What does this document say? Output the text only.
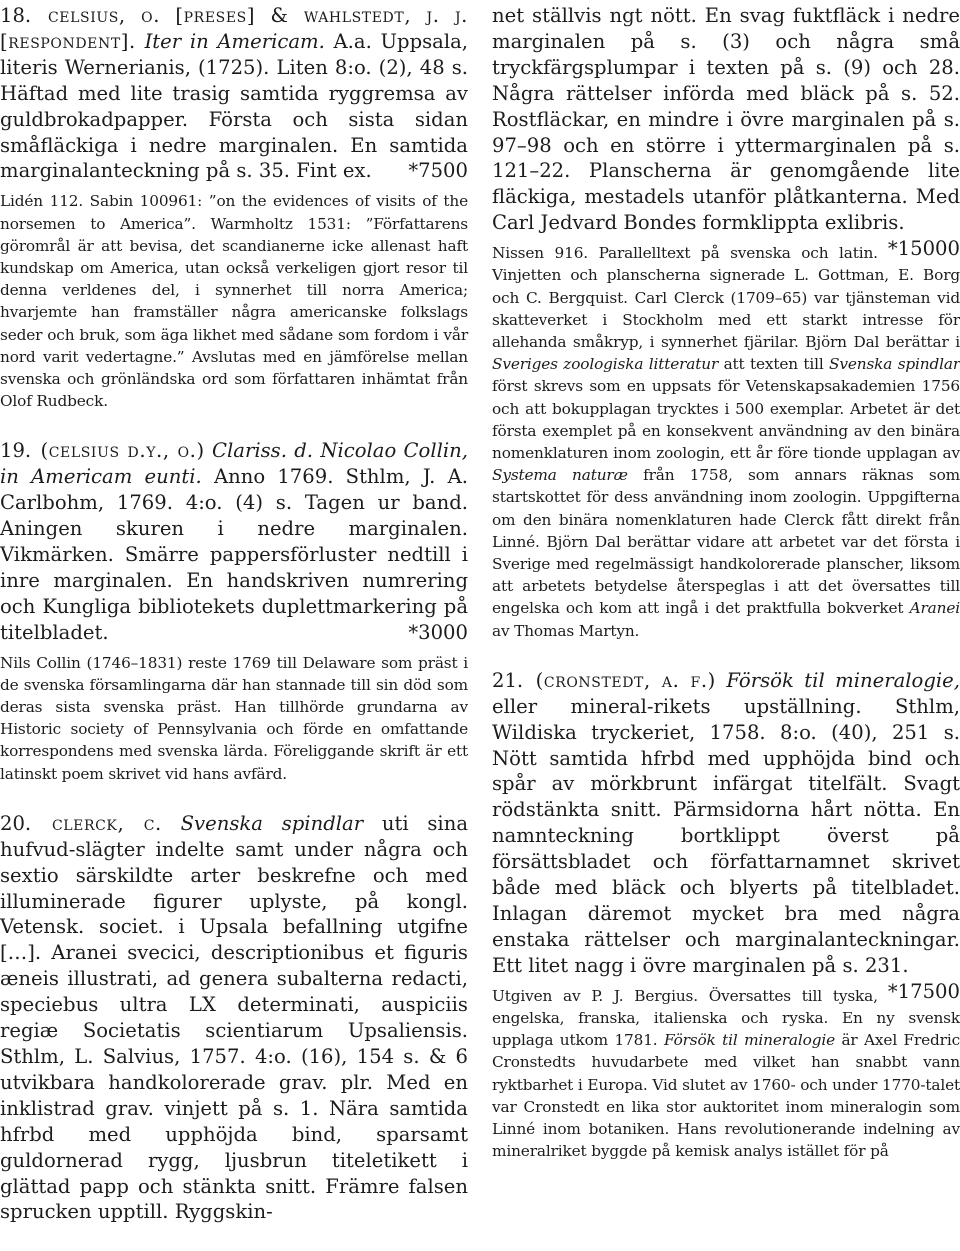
18. celsius, o. [preses] & wahlstedt, j. j. [respondent]. Iter in Americam. A.a. Uppsala, literis Wernerianis, (1725). Liten 8:o. (2), 48 s. Häftad med lite trasig samtida ryggremsa av guldbrokadpapper. Första och sista sidan småfläckiga i nedre marginalen. En samtida marginalanteckning på s. 35. Fint ex. *7500

Lidén 112. Sabin 100961: ”on the evidences of visits of the norsemen to America”. Warmholtz 1531: ”Författarens görområl är att bevisa, det scandianerne icke allenast haft kundskap om America, utan också verkeligen gjort resor til denna verldenes del, i synnerhet till norra America; hvarjemte han framställer några americanske folkslags seder och bruk, som äga likhet med sådane som fordom i vår nord varit vedertagne.” Avslutas med en jämförelse mellan svenska och grönländska ord som författaren inhämtat från Olof Rudbeck.

19. (celsius d.y., o.) Clariss. d. Nicolao Collin, in Americam eunti. Anno 1769. Sthlm, J. A. Carlbohm, 1769. 4:o. (4) s. Tagen ur band. Aningen skuren i nedre marginalen. Vikmärken. Smärre pappersförluster nedtill i inre marginalen. En handskriven numrering och Kungliga bibliotekets duplettmarkering på titelbladet.	*3000

Nils Collin (1746–1831) reste 1769 till Delaware som präst i de svenska församlingarna där han stannade till sin död som deras sista svenska präst. Han tillhörde grundarna av Historic society of Pennsylvania och förde en omfattande korrespondens med svenska lärda. Föreliggande skrift är ett latinskt poem skrivet vid hans avfärd.

20. clerck, c. Svenska spindlar uti sina hufvud-slägter indelte samt under några och sextio särskildte arter beskrefne och med illuminerade figurer uplyste, på kongl. Vetensk. societ. i Upsala befallning utgifne […]. Aranei svecici, descriptionibus et figuris æneis illustrati, ad genera subalterna redacti, speciebus ultra LX determinati, auspiciis regiæ Societatis scientiarum Upsaliensis. Sthlm, L. Salvius, 1757. 4:o. (16), 154 s. & 6 utvikbara handkolorerade grav. plr. Med en inklistrad grav. vinjett på s. 1. Nära samtida hfrbd med upphöjda bind, sparsamt guldornerad rygg, ljusbrun titeletikett i glättad papp och stänkta snitt. Främre falsen sprucken upptill. Ryggskin-

net ställvis ngt nött. En svag fuktfläck i nedre marginalen på s. (3) och några små tryckfärgsplumpar i texten på s. (9) och 28. Några rättelser införda med bläck på s. 52. Rostfläckar, en mindre i övre marginalen på s. 97–98 och en större i yttermarginalen på s. 121–22. Planscherna är genomgående lite fläckiga, mestadels utanför plåtkanterna. Med Carl Jedvard Bondes formklippta exlibris.
*15000

Nissen 916. Parallelltext på svenska och latin. Vinjetten och planscherna signerade L. Gottman, E. Borg och C. Bergquist. Carl Clerck (1709–65) var tjänsteman vid skatteverket i Stockholm med ett starkt intresse för allehanda småkryp, i synnerhet fjärilar. Björn Dal berättar i Sveriges zoologiska litteratur att texten till Svenska spindlar först skrevs som en uppsats för Vetenskapsakademien 1756 och att bokupplagan trycktes i 500 exemplar. Arbetet är det första exemplet på en konsekvent användning av den binära nomenklaturen inom zoologin, ett år före tionde upplagan av Systema naturæ från 1758, som annars räknas som startskottet för dess användning inom zoologin. Uppgifterna om den binära nomenklaturen hade Clerck fått direkt från Linné. Björn Dal berättar vidare att arbetet var det första i Sverige med regelmässigt handkolorerade planscher, liksom att arbetets betydelse återspeglas i att det översattes till engelska och kom att ingå i det praktfulla bokverket Aranei av Thomas Martyn.

21. (cronstedt, a. f.) Försök til mineralogie, eller mineral-rikets upställning. Sthlm, Wildiska tryckeriet, 1758. 8:o. (40), 251 s. Nött samtida hfrbd med upphöjda bind och spår av mörkbrunt infärgat titelfält. Svagt rödstänkta snitt. Pärmsidorna hårt nötta. En namnteckning bortklippt överst på försättsbladet och författarnamnet skrivet både med bläck och blyerts på titelbladet. Inlagan däremot mycket bra med några enstaka rättelser och marginalanteckningar. Ett litet nagg i övre marginalen på s. 231.
*17500

Utgiven av P. J. Bergius. Översattes till tyska, engelska, franska, italienska och ryska. En ny svensk upplaga utkom 1781. Försök til mineralogie är Axel Fredric Cronstedts huvudarbete med vilket han snabbt vann ryktbarhet i Europa. Vid slutet av 1760- och under 1770-talet var Cronstedt en lika stor auktoritet inom mineralogin som Linné inom botaniken. Hans revolutionerande indelning av mineralriket byggde på kemisk analys istället för på
